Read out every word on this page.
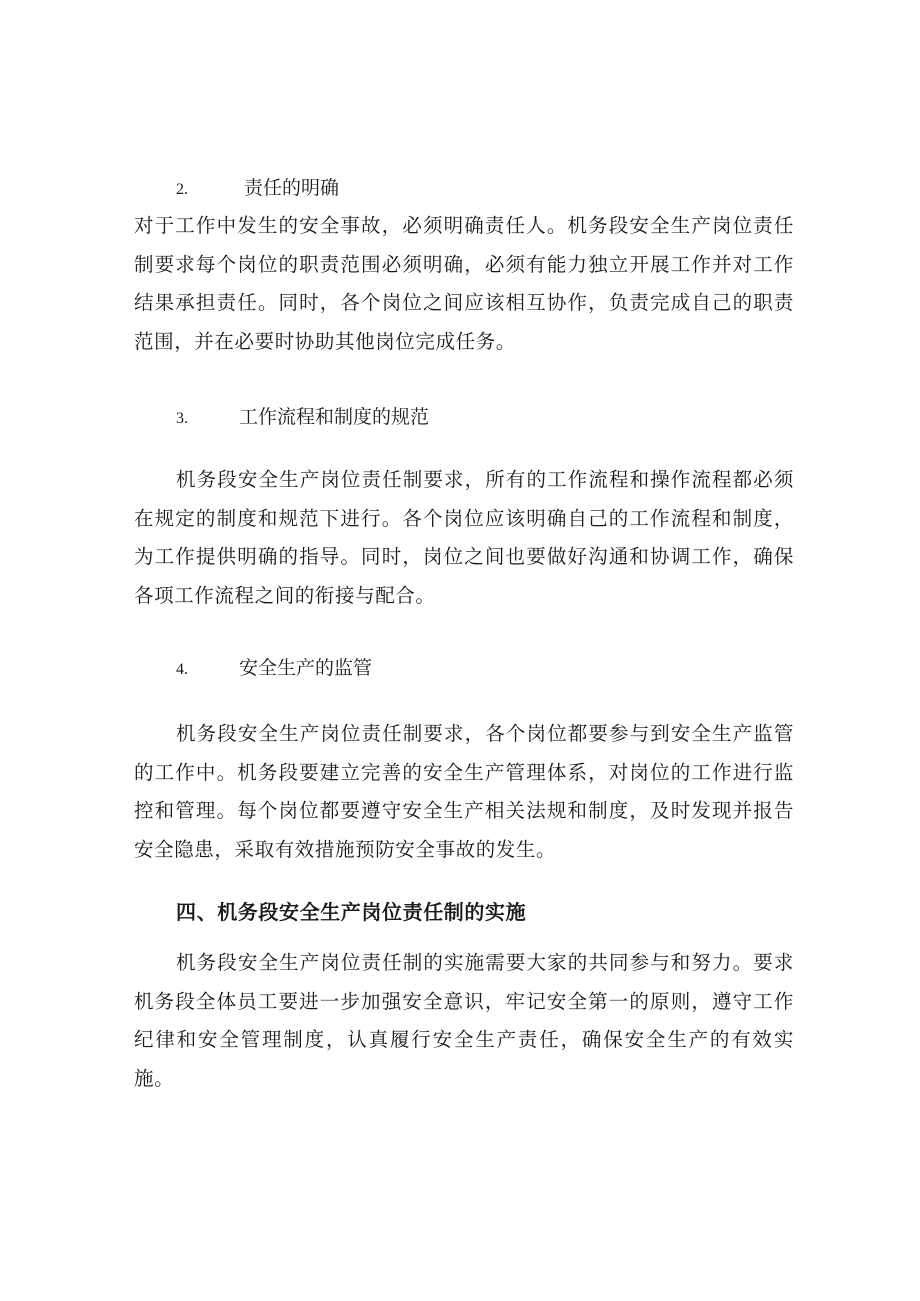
2.	责任的明确
对于工作中发生的安全事故，必须明确责任人。机务段安全生产岗位责任制要求每个岗位的职责范围必须明确，必须有能力独立开展工作并对工作结果承担责任。同时，各个岗位之间应该相互协作，负责完成自己的职责范围，并在必要时协助其他岗位完成任务。
3.	工作流程和制度的规范
机务段安全生产岗位责任制要求，所有的工作流程和操作流程都必须在规定的制度和规范下进行。各个岗位应该明确自己的工作流程和制度，为工作提供明确的指导。同时，岗位之间也要做好沟通和协调工作，确保各项工作流程之间的衔接与配合。
4.	安全生产的监管
机务段安全生产岗位责任制要求，各个岗位都要参与到安全生产监管的工作中。机务段要建立完善的安全生产管理体系，对岗位的工作进行监控和管理。每个岗位都要遵守安全生产相关法规和制度，及时发现并报告安全隐患，采取有效措施预防安全事故的发生。
四、机务段安全生产岗位责任制的实施
机务段安全生产岗位责任制的实施需要大家的共同参与和努力。要求机务段全体员工要进一步加强安全意识，牢记安全第一的原则，遵守工作纪律和安全管理制度，认真履行安全生产责任，确保安全生产的有效实施。
